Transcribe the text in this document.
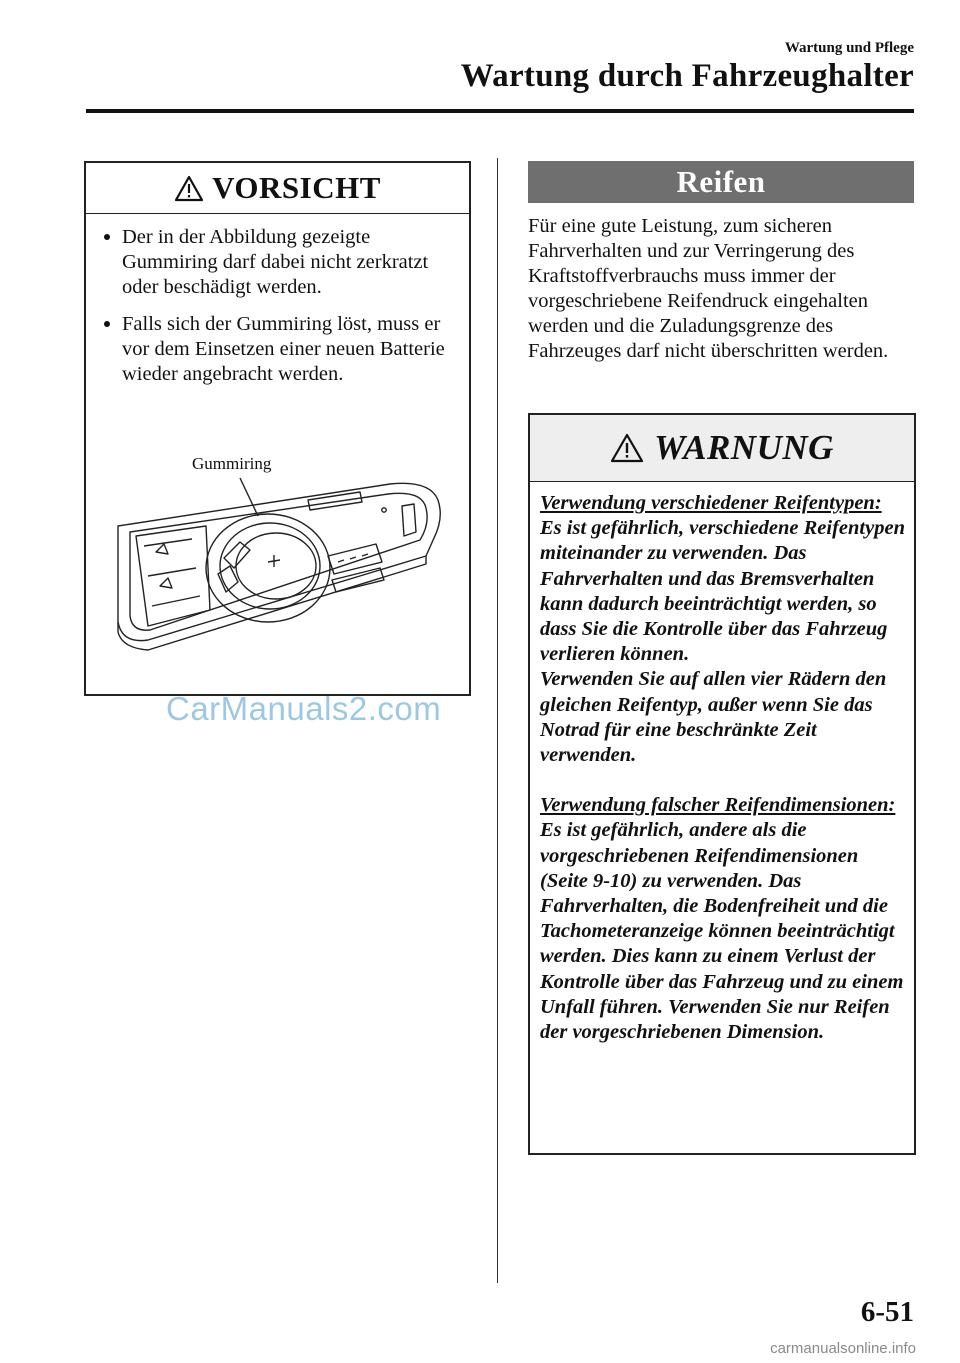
Wartung und Pflege
Wartung durch Fahrzeughalter
VORSICHT
Der in der Abbildung gezeigte Gummiring darf dabei nicht zerkratzt oder beschädigt werden.
Falls sich der Gummiring löst, muss er vor dem Einsetzen einer neuen Batterie wieder angebracht werden.
Gummiring
CarManuals2.com
Reifen
Für eine gute Leistung, zum sicheren Fahrverhalten und zur Verringerung des Kraftstoffverbrauchs muss immer der vorgeschriebene Reifendruck eingehalten werden und die Zuladungsgrenze des Fahrzeuges darf nicht überschritten werden.
WARNUNG
Verwendung verschiedener Reifentypen:
Es ist gefährlich, verschiedene Reifentypen miteinander zu verwenden. Das Fahrverhalten und das Bremsverhalten kann dadurch beeinträchtigt werden, so dass Sie die Kontrolle über das Fahrzeug verlieren können.
Verwenden Sie auf allen vier Rädern den gleichen Reifentyp, außer wenn Sie das Notrad für eine beschränkte Zeit verwenden.
Verwendung falscher Reifendimensionen:
Es ist gefährlich, andere als die vorgeschriebenen Reifendimensionen (Seite 9-10) zu verwenden. Das Fahrverhalten, die Bodenfreiheit und die Tachometeranzeige können beeinträchtigt werden. Dies kann zu einem Verlust der Kontrolle über das Fahrzeug und zu einem Unfall führen. Verwenden Sie nur Reifen der vorgeschriebenen Dimension.
6-51
carmanualsonline.info
